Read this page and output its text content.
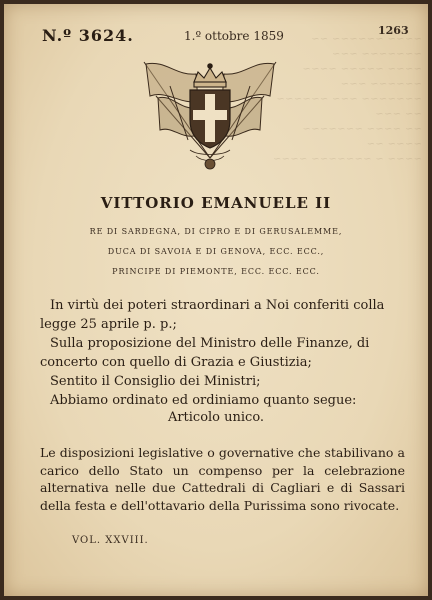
~~~~ ~~~~~~ ~~ ~~~~~~~ ~~~
~~~~ ~~~~~ ~~~~ ~~~~~~ ~~~
~~~~~~~ ~~~ ~~~~~~ ~~ ~~~
~~ ~~~~ ~~~~~~~ ~~~~ ~~
~~~~ ~ ~~~~~~~ ~~~~
N.º 3624.	1.º ottobre 1859	1263
VITTORIO EMANUELE II
RE DI SARDEGNA, DI CIPRO E DI GERUSALEMME,
DUCA DI SAVOIA E DI GENOVA, ECC. ECC.,
PRINCIPE DI PIEMONTE, ECC. ECC. ECC.

In virtù dei poteri straordinari a Noi conferiti colla

legge 25 aprile p. p.;

Sulla proposizione del Ministro delle Finanze, di

concerto con quello di Grazia e Giustizia;

Sentito il Consiglio dei Ministri;

Abbiamo ordinato ed ordiniamo quanto segue:

Articolo unico.
Le disposizioni legislative o governative che stabilivano a carico dello Stato un compenso per la celebrazione alternativa nelle due Cattedrali di Cagliari e di Sassari della festa e dell'ottavario della Purissima sono rivocate.
VOL. XXVIII.
